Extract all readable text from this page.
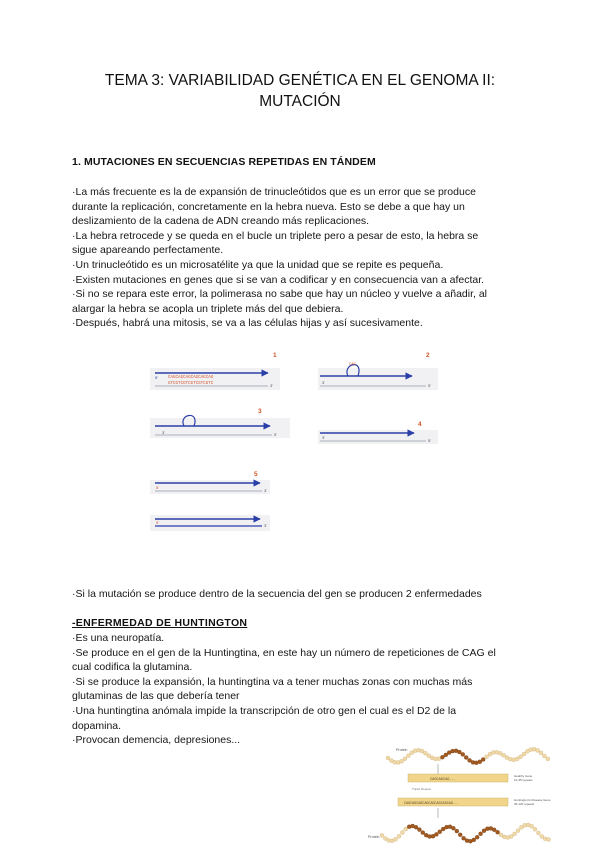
TEMA 3: VARIABILIDAD GENÉTICA EN EL GENOMA II:
MUTACIÓN
1. MUTACIONES EN SECUENCIAS REPETIDAS EN TÁNDEM
·La más frecuente es la de expansión de trinucleótidos que es un error que se produce
durante la replicación, concretamente en la hebra nueva. Esto se debe a que hay un
deslizamiento de la cadena de ADN creando más replicaciones.
·La hebra retrocede y se queda en el bucle un triplete pero a pesar de esto, la hebra se
sigue apareando perfectamente.
·Un trinucleótido es un microsatélite ya que la unidad que se repite es pequeña.
·Existen mutaciones en genes que si se van a codificar y en consecuencia van a afectar.
·Si no se repara este error, la polimerasa no sabe que hay un núcleo y vuelve a añadir, al
alargar la hebra se acopla un triplete más del que debiera.
·Después, habrá una mitosis, se va a las células hijas y así sucesivamente.
CAGCAGCAGCAGCAGCAG
GTCGTCGTCGTCGTCGTC
5'
3'
1
CAG
3'
5'
2
3'	5'
3
3'
5'
4
5'
3'
5
5'
3'
·Si la mutación se produce dentro de la secuencia del gen se producen 2 enfermedades
-ENFERMEDAD DE HUNTINGTON
·Es una neuropatía.
·Se produce en el gen de la Huntingtina, en este hay un número de repeticiones de CAG el
cual codifica la glutamina.
·Si se produce la expansión, la huntingtina va a tener muchas zonas con muchas más
glutaminas de las que debería tener
·Una huntingtina anómala impide la transcripción de otro gen el cual es el D2 de la
dopamina.
·Provocan demencia, depresiones...
Protein
CAGCAGCAG...
Healthy Gene
10-35 repeats
Triplet Repeat
CAGCAGCAGCAGCAGCAGCAGCAG...
Huntington's Disease Gene
36-120 repeats
Protein
